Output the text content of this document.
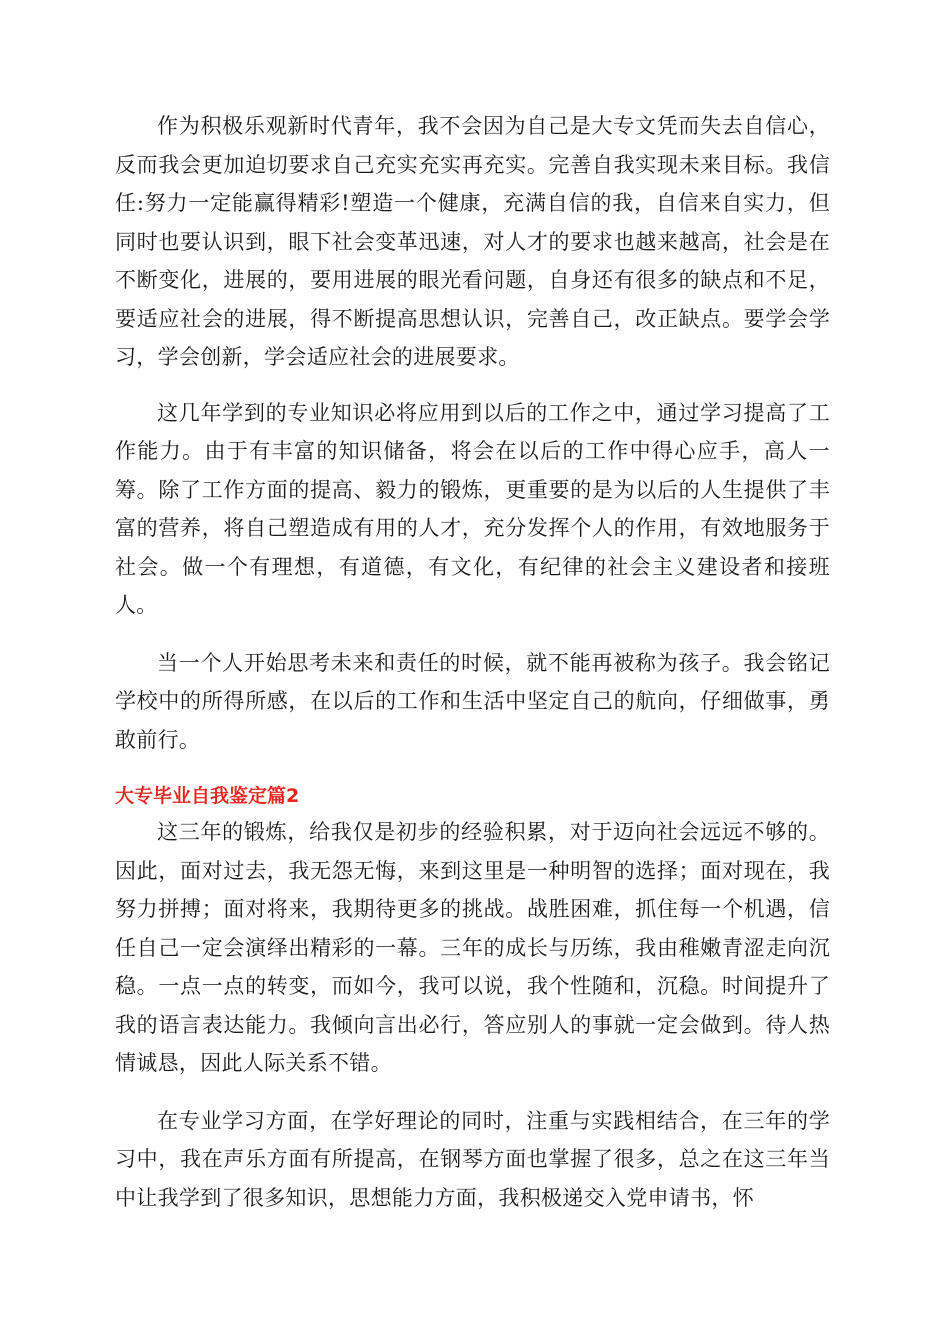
作为积极乐观新时代青年，我不会因为自己是大专文凭而失去自信心，反而我会更加迫切要求自己充实充实再充实。完善自我实现未来目标。我信任:努力一定能赢得精彩!塑造一个健康，充满自信的我，自信来自实力，但同时也要认识到，眼下社会变革迅速，对人才的要求也越来越高，社会是在不断变化，进展的，要用进展的眼光看问题，自身还有很多的缺点和不足，要适应社会的进展，得不断提高思想认识，完善自己，改正缺点。要学会学习，学会创新，学会适应社会的进展要求。

这几年学到的专业知识必将应用到以后的工作之中，通过学习提高了工作能力。由于有丰富的知识储备，将会在以后的工作中得心应手，高人一筹。除了工作方面的提高、毅力的锻炼，更重要的是为以后的人生提供了丰富的营养，将自己塑造成有用的人才，充分发挥个人的作用，有效地服务于社会。做一个有理想，有道德，有文化，有纪律的社会主义建设者和接班人。

当一个人开始思考未来和责任的时候，就不能再被称为孩子。我会铭记学校中的所得所感，在以后的工作和生活中坚定自己的航向，仔细做事，勇敢前行。

大专毕业自我鉴定篇2

这三年的锻炼，给我仅是初步的经验积累，对于迈向社会远远不够的。因此，面对过去，我无怨无悔，来到这里是一种明智的选择；面对现在，我努力拼搏；面对将来，我期待更多的挑战。战胜困难，抓住每一个机遇，信任自己一定会演绎出精彩的一幕。三年的成长与历练，我由稚嫩青涩走向沉稳。一点一点的转变，而如今，我可以说，我个性随和，沉稳。时间提升了我的语言表达能力。我倾向言出必行，答应别人的事就一定会做到。待人热情诚恳，因此人际关系不错。

在专业学习方面，在学好理论的同时，注重与实践相结合，在三年的学习中，我在声乐方面有所提高，在钢琴方面也掌握了很多，总之在这三年当中让我学到了很多知识，思想能力方面，我积极递交入党申请书，怀
